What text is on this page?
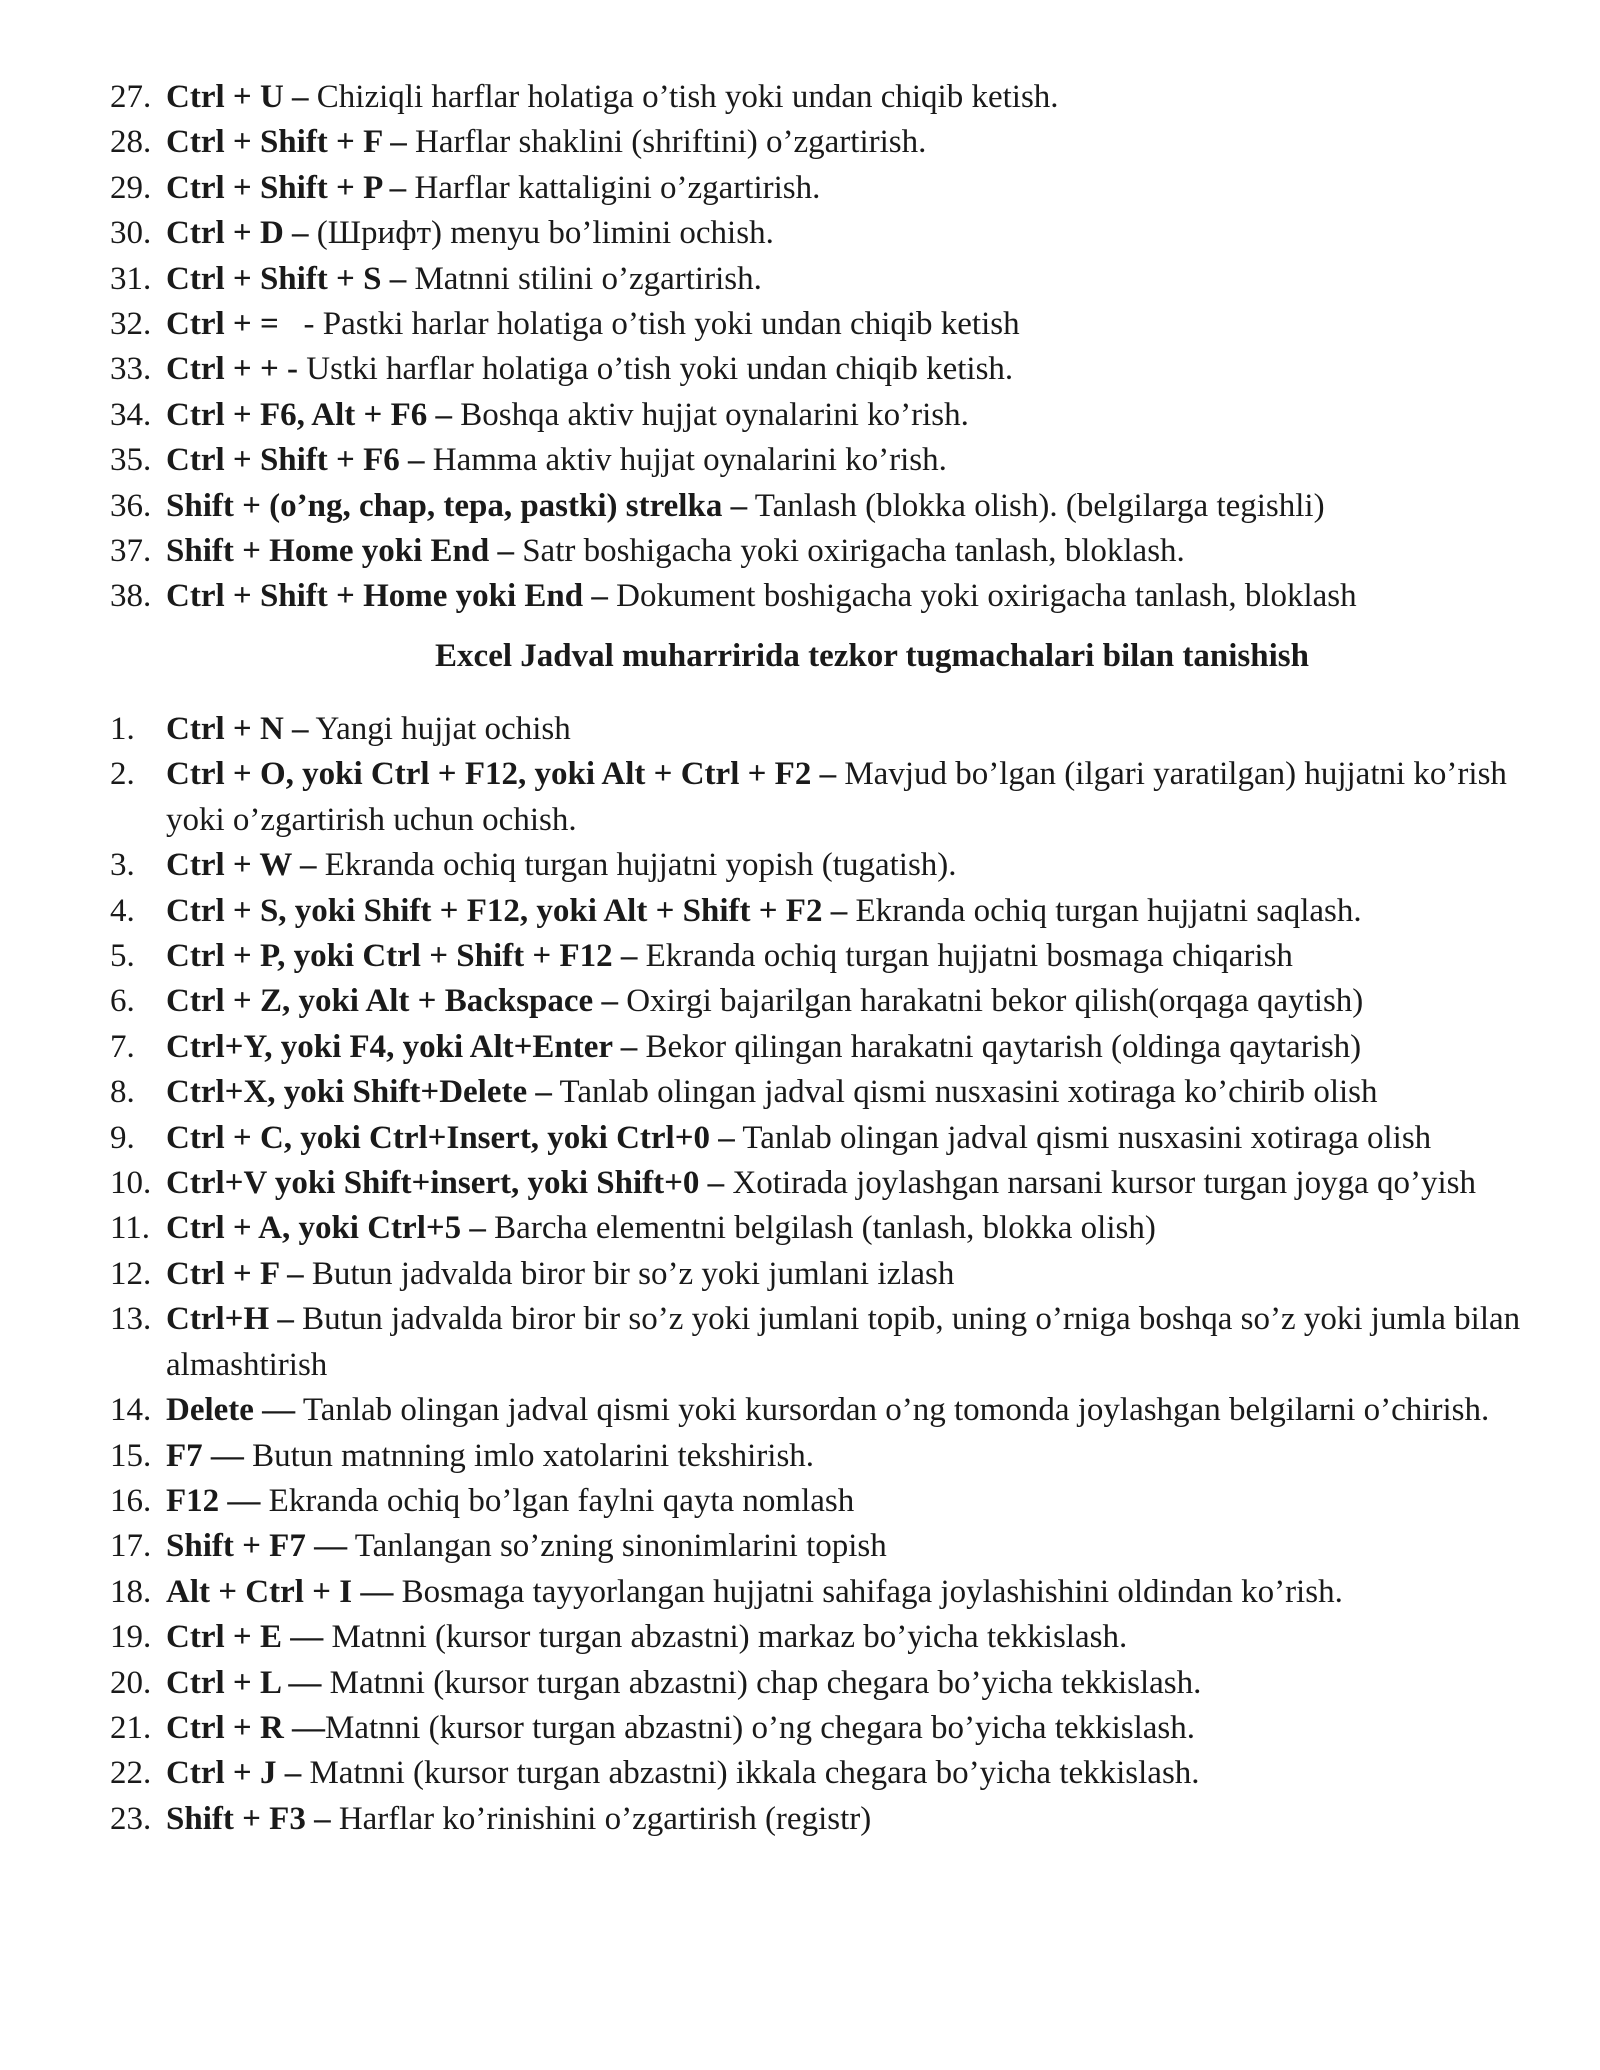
27. Ctrl + U – Chiziqli harflar holatiga o’tish yoki undan chiqib ketish.
28. Ctrl + Shift + F – Harflar shaklini (shriftini) o’zgartirish.
29. Ctrl + Shift + P – Harflar kattaligini o’zgartirish.
30. Ctrl + D – (Шрифт) menyu bo’limini ochish.
31. Ctrl + Shift + S – Matnni stilini o’zgartirish.
32. Ctrl + =   - Pastki harlar holatiga o’tish yoki undan chiqib ketish
33. Ctrl + + - Ustki harflar holatiga o’tish yoki undan chiqib ketish.
34. Ctrl + F6, Alt + F6 – Boshqa aktiv hujjat oynalarini ko’rish.
35. Ctrl + Shift + F6 – Hamma aktiv hujjat oynalarini ko’rish.
36. Shift + (o’ng, chap, tepa, pastki) strelka – Tanlash (blokka olish). (belgilarga tegishli)
37. Shift + Home yoki End – Satr boshigacha yoki oxirigacha tanlash, bloklash.
38. Ctrl + Shift + Home yoki End – Dokument boshigacha yoki oxirigacha tanlash, bloklash
Excel Jadval muharririda tezkor tugmachalari bilan tanishish
1. Ctrl + N – Yangi hujjat ochish
2. Ctrl + O, yoki Ctrl + F12, yoki Alt + Ctrl + F2 – Mavjud bo’lgan (ilgari yaratilgan) hujjatni ko’rish yoki o’zgartirish uchun ochish.
3. Ctrl + W – Ekranda ochiq turgan hujjatni yopish (tugatish).
4. Ctrl + S, yoki Shift + F12, yoki Alt + Shift + F2 – Ekranda ochiq turgan hujjatni saqlash.
5. Ctrl + P, yoki Ctrl + Shift + F12 – Ekranda ochiq turgan hujjatni bosmaga chiqarish
6. Ctrl + Z, yoki Alt + Backspace – Oxirgi bajarilgan harakatni bekor qilish(orqaga qaytish)
7. Ctrl+Y, yoki F4, yoki Alt+Enter – Bekor qilingan harakatni qaytarish (oldinga qaytarish)
8. Ctrl+X, yoki Shift+Delete – Tanlab olingan jadval qismi nusxasini xotiraga ko’chirib olish
9. Ctrl + C, yoki Ctrl+Insert, yoki Ctrl+0 – Tanlab olingan jadval qismi nusxasini xotiraga olish
10. Ctrl+V yoki Shift+insert, yoki Shift+0 – Xotirada joylashgan narsani kursor turgan joyga qo’yish
11. Ctrl + A, yoki Ctrl+5 – Barcha elementni belgilash (tanlash, blokka olish)
12. Ctrl + F – Butun jadvalda biror bir so’z yoki jumlani izlash
13. Ctrl+H – Butun jadvalda biror bir so’z yoki jumlani topib, uning o’rniga boshqa so’z yoki jumla bilan almashtirish
14. Delete — Tanlab olingan jadval qismi yoki kursordan o’ng tomonda joylashgan belgilarni o’chirish.
15. F7 — Butun matnning imlo xatolarini tekshirish.
16. F12 — Ekranda ochiq bo’lgan faylni qayta nomlash
17. Shift + F7 — Tanlangan so’zning sinonimlarini topish
18. Alt + Ctrl + I — Bosmaga tayyorlangan hujjatni sahifaga joylashishini oldindan ko’rish.
19. Ctrl + E — Matnni (kursor turgan abzastni) markaz bo’yicha tekkislash.
20. Ctrl + L — Matnni (kursor turgan abzastni) chap chegara bo’yicha tekkislash.
21. Ctrl + R —Matnni (kursor turgan abzastni) o’ng chegara bo’yicha tekkislash.
22. Ctrl + J – Matnni (kursor turgan abzastni) ikkala chegara bo’yicha tekkislash.
23. Shift + F3 – Harflar ko’rinishini o’zgartirish (registr)
